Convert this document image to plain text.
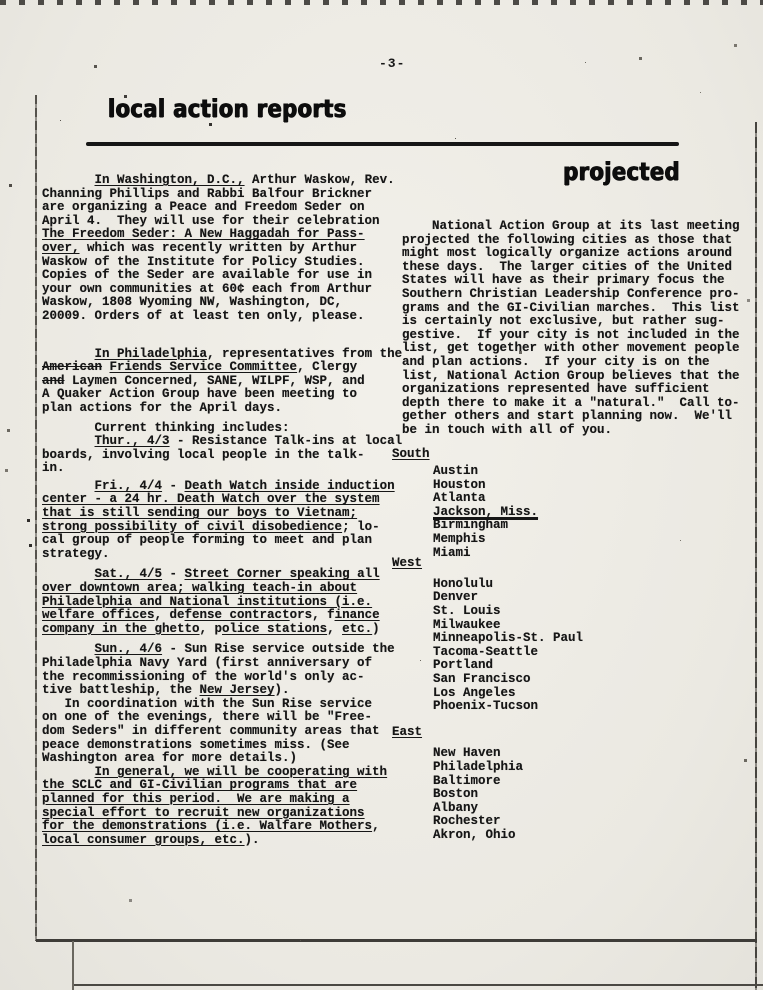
-3-
local action reports
projected
In Washington, D.C., Arthur Waskow, Rev.
Channing Phillips and Rabbi Balfour Brickner
are organizing a Peace and Freedom Seder on
April 4.  They will use for their celebration
The Freedom Seder: A New Haggadah for Pass-
over, which was recently written by Arthur
Waskow of the Institute for Policy Studies.
Copies of the Seder are available for use in
your own communities at 60¢ each from Arthur
Waskow, 1808 Wyoming NW, Washington, DC,
20009. Orders of at least ten only, please.
In Philadelphia, representatives from the
American Friends Service Committee, Clergy
and Laymen Concerned, SANE, WILPF, WSP, and
A Quaker Action Group have been meeting to
plan actions for the April days.
Current thinking includes:
Thur., 4/3 - Resistance Talk-ins at local
boards, involving local people in the talk-
in.
Fri., 4/4 - Death Watch inside induction
center - a 24 hr. Death Watch over the system
that is still sending our boys to Vietnam;
strong possibility of civil disobedience; lo-
cal group of people forming to meet and plan
strategy.
Sat., 4/5 - Street Corner speaking all
over downtown area; walking teach-in about
Philadelphia and National institutions (i.e.
welfare offices, defense contractors, finance
company in the ghetto, police stations, etc.)
Sun., 4/6 - Sun Rise service outside the
Philadelphia Navy Yard (first anniversary of
the recommissioning of the world's only ac-
tive battleship, the New Jersey).
In coordination with the Sun Rise service
on one of the evenings, there will be "Free-
dom Seders" in different community areas that
peace demonstrations sometimes miss. (See
Washington area for more details.)
In general, we will be cooperating with
the SCLC and GI-Civilian programs that are
planned for this period.  We are making a
special effort to recruit new organizations
for the demonstrations (i.e. Walfare Mothers,
local consumer groups, etc.).
National Action Group at its last meeting
projected the following cities as those that
might most logically organize actions around
these days.  The larger cities of the United
States will have as their primary focus the
Southern Christian Leadership Conference pro-
grams and the GI-Civilian marches.  This list
is certainly not exclusive, but rather sug-
gestive.  If your city is not included in the
list, get together with other movement people
and plan actions.  If your city is on the
list, National Action Group believes that the
organizations represented have sufficient
depth there to make it a "natural."  Call to-
gether others and start planning now.  We'll
be in touch with all of you.
South
Austin
Houston
Atlanta
Jackson, Miss.
Birmingham
Memphis
Miami
West
Honolulu
Denver
St. Louis
Milwaukee
Minneapolis-St. Paul
Tacoma-Seattle
Portland
San Francisco
Los Angeles
Phoenix-Tucson
East
New Haven
Philadelphia
Baltimore
Boston
Albany
Rochester
Akron, Ohio
